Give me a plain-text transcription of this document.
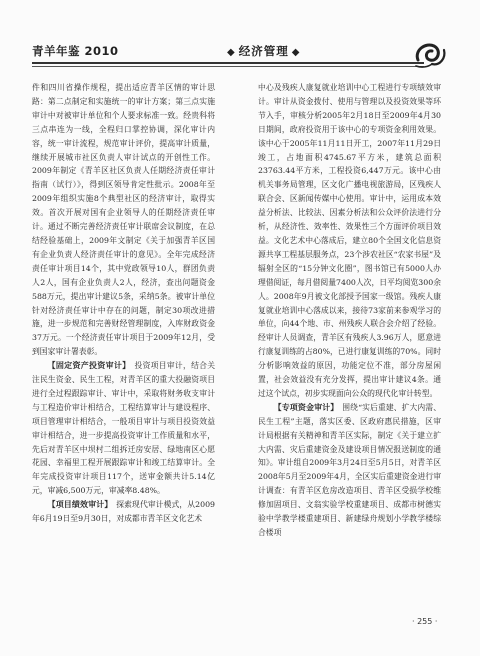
青羊年鉴 2010	◆ 经济管理 ◆

件和四川省操作规程，提出适应青羊区情的审计思路：第二点制定和实施统一的审计方案；第三点实施审计中对被审计单位和个人要求标准一致。经贵科将三点串连为一线，全程归口掌控协调，深化审计内容，统一审计流程，规范审计评价，提高审计质量，继续开展城市社区负责人审计试点的开创性工作。2009年制定《青羊区社区负责人任期经济责任审计指南（试行）》，得到区领导肯定性批示。2008年至2009年组织实施8个典型社区的经济审计，取得实效。首次开展对国有企业领导人的任期经济责任审计。通过不断完善经济责任审计联席会议制度，在总结经验基础上，2009年文制定《关于加强青羊区国有企业负责人经济责任审计的意见》。全年完成经济责任审计项目14个，其中党政领导10人，群团负责人2人，国有企业负责人2人，经济，查出问题资金588万元，提出审计建议5条，采纳5条。被审计单位针对经济责任审计中存在的问题，制定30项改进措施，进一步规范和完善财经管理制度，入库财政资金37万元。一个经济责任审计项目于2009年12月，受到国家审计署表彰。

【固定资产投资审计】　 投资项目审计，结合关注民生资金、民生工程，对青羊区的重大投融资项目进行全过程跟踪审计、审计中，采取将财务收支审计与工程造价审计相结合，工程结算审计与建设程序、项目管理审计相结合，一般项目审计与项目投资效益审计相结合，进一步提高投资审计工作质量和水平，先后对青羊区中坝村二组拆迁房安居、绿地南区心愿花园、幸福里工程开展跟踪审计和竣工结算审计。全年完成投资审计项目117个，送审金额共计5.14亿元，审减6,500万元，审减率8.48%。

【项目绩效审计】　 探索现代审计模式，从2009年6月19日至9月30日，对成都市青羊区文化艺术

中心及残疾人康复就业培训中心工程进行专项绩效审计。审计从资金拨付、使用与管理以及投资效果等环节入手，审核分析2005年2月18日至2009年4月30日期间，政府投资用于该中心的专项资金利用效果。该中心于2005年11月11日开工，2007年11月29日竣工，占地面积4745.67平方米，建筑总面积23763.44平方米，工程投资6,447万元。该中心由机关事务局管理，区文化广播电视旅游局，区残疾人联合会、区新闻传媒中心使用。审计中，运用成本效益分析法、比较法、因素分析法和公众评价法进行分析，从经济性、效率性、效果性三个方面评价项目效益。文化艺术中心落成后，建立80个全国文化信息资源共享工程基层服务点，23个涉农社区“农家书屋”及辐射全区的“15分钟文化圈”，图书馆已有5000人办理借阅证，每月借阅量7400人次，日平均阅览300余人。2008年9月被文化部授予国家一级馆。残疾人康复就业培训中心落成以来，接待73家前来参观学习的单位，向44个地、市、州残疾人联合会介绍了经验。经审计人员调查，青羊区有残疾人3.96万人，愿意进行康复训练的占80%，已进行康复训练的70%。同时分析影响效益的原因，功能定位不准，部分房屋闲置，社会效益没有充分发挥，提出审计建议4条。通过这个试点，初步实现面向公众的现代化审计转型。

【专项资金审计】　 围绕“实后重建、扩大内需、民生工程”主题，落实区委、区政府惠民措施，区审计局根据有关精神和青羊区实际，制定《关于建立扩大内需、灾后重建资金及建设项目情况报送制度的通知》。审计组自2009年3月24日至5月5日，对青羊区2008年5月至2009年4月，全区实后重建资金进行审计调查：有青羊区危房改造项目、青羊区受损学校维修加固项目、文翁实验学校重建项目、成都市树德实验中学教学楼重建项目、新建绿舟规划小学教学楼综合楼项

· 255 ·
